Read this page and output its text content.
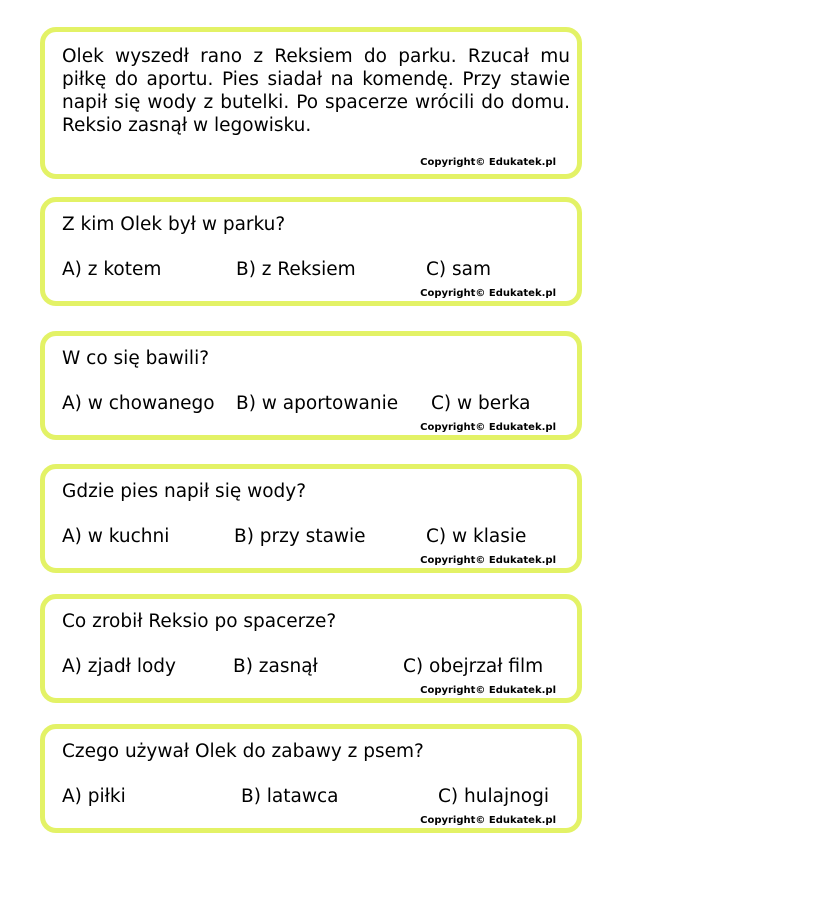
Olek wyszedł rano z Reksiem do parku. Rzucał mu piłkę do aportu. Pies siadał na komendę. Przy stawie napił się wody z butelki. Po spacerze wrócili do domu. Reksio zasnął w legowisku.

Copyright© Edukatek.pl

Z kim Olek był w parku?

A) z kotem	B) z Reksiem	C) sam
Copyright© Edukatek.pl

W co się bawili?

A) w chowanego B) w aportowanie C) w berka
Copyright© Edukatek.pl

Gdzie pies napił się wody?

A) w kuchni	B) przy stawie	C) w klasie
Copyright© Edukatek.pl

Co zrobił Reksio po spacerze?

A) zjadł lody	B) zasnął	C) obejrzał film
Copyright© Edukatek.pl

Czego używał Olek do zabawy z psem?

A) piłki	B) latawca	C) hulajnogi
Copyright© Edukatek.pl
